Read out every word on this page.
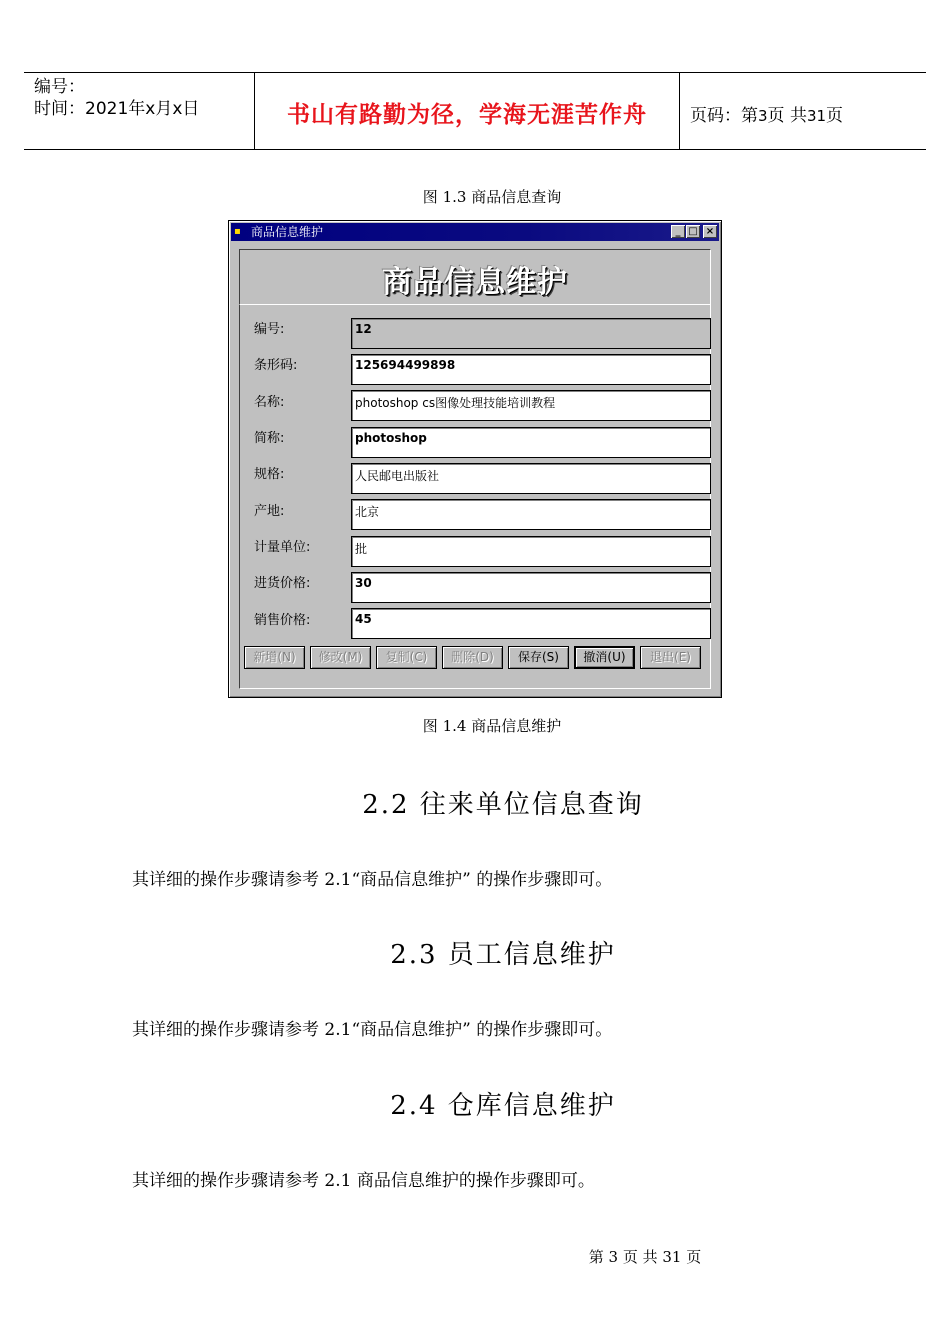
编号：
时间：2021年x月x日	书山有路勤为径，学海无涯苦作舟	页码：第3页 共31页
图 1.3 商品信息查询
▪ 商品信息维护	_ □ ×
商品信息维护
编号:	12
条形码:	125694499898
名称:	photoshop cs图像处理技能培训教程
简称:	photoshop
规格:	人民邮电出版社
产地:	北京
计量单位:	批
进货价格:	30
销售价格:	45
新增(N)	修改(M)	复制(C)	删除(D)	保存(S)	撤消(U)	退出(E)
图 1.4 商品信息维护
2.2 往来单位信息查询
其详细的操作步骤请参考 2.1“商品信息维护” 的操作步骤即可。
2.3 员工信息维护
其详细的操作步骤请参考 2.1“商品信息维护” 的操作步骤即可。
2.4 仓库信息维护
其详细的操作步骤请参考 2.1 商品信息维护的操作步骤即可。
第 3 页 共 31 页
